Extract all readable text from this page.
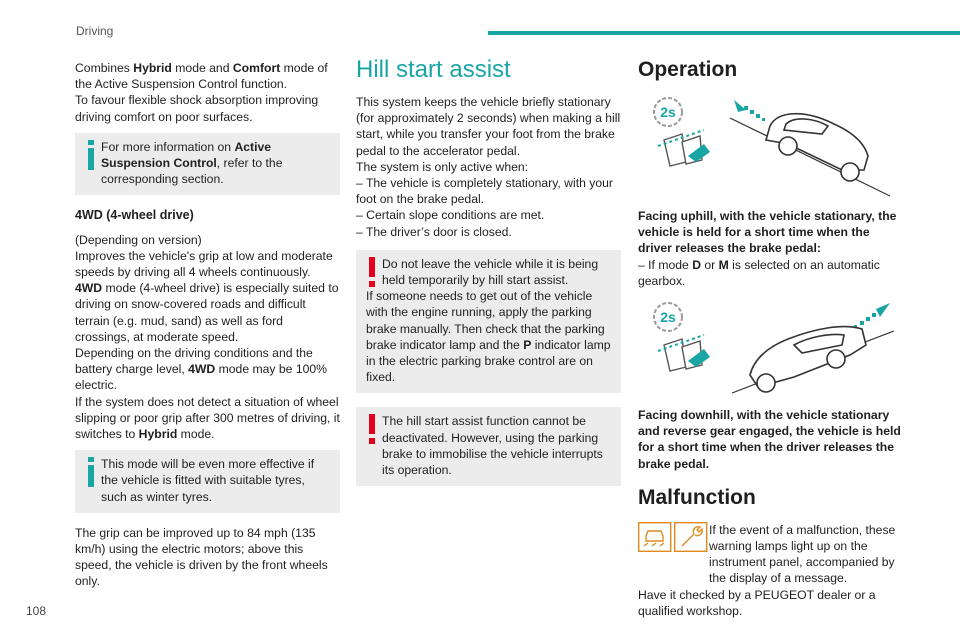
Driving

Combines Hybrid mode and Comfort mode of the Active Suspension Control function.

To favour flexible shock absorption improving driving comfort on poor surfaces.

For more information on Active Suspension Control, refer to the corresponding section.

4WD (4-wheel drive)

(Depending on version)

Improves the vehicle's grip at low and moderate speeds by driving all 4 wheels continuously.

4WD mode (4-wheel drive) is especially suited to driving on snow-covered roads and difficult terrain (e.g. mud, sand) as well as ford crossings, at moderate speed.

Depending on the driving conditions and the battery charge level, 4WD mode may be 100% electric.

If the system does not detect a situation of wheel slipping or poor grip after 300 metres of driving, it switches to Hybrid mode.

This mode will be even more effective if the vehicle is fitted with suitable tyres, such as winter tyres.

The grip can be improved up to 84 mph (135 km/h) using the electric motors; above this speed, the vehicle is driven by the front wheels only.

Hill start assist

This system keeps the vehicle briefly stationary (for approximately 2 seconds) when making a hill start, while you transfer your foot from the brake pedal to the accelerator pedal.

The system is only active when:

– The vehicle is completely stationary, with your foot on the brake pedal.

– Certain slope conditions are met.

– The driver’s door is closed.

Do not leave the vehicle while it is being held temporarily by hill start assist.

If someone needs to get out of the vehicle with the engine running, apply the parking brake manually. Then check that the parking brake indicator lamp and the P indicator lamp in the electric parking brake control are on fixed.

The hill start assist function cannot be deactivated. However, using the parking brake to immobilise the vehicle interrupts its operation.

Operation
2s

Facing uphill, with the vehicle stationary, the vehicle is held for a short time when the driver releases the brake pedal:

– If mode D or M is selected on an automatic gearbox.

2s

Facing downhill, with the vehicle stationary and reverse gear engaged, the vehicle is held for a short time when the driver releases the brake pedal.

Malfunction

If the event of a malfunction, these warning lamps light up on the instrument panel, accompanied by the display of a message.

Have it checked by a PEUGEOT dealer or a qualified workshop.

108
